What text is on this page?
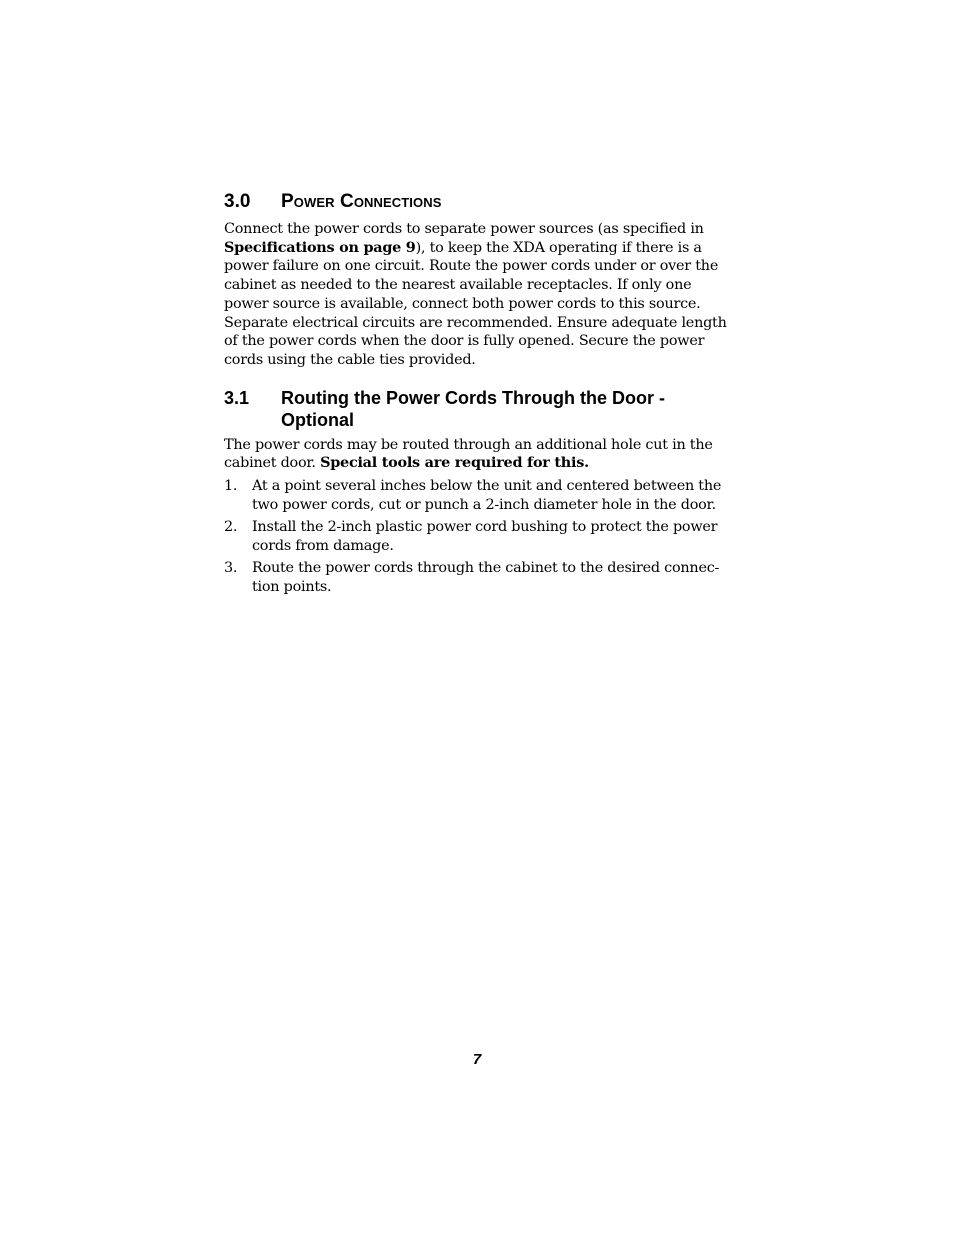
3.0	Power Connections

Connect the power cords to separate power sources (as specified in Specifications on page 9), to keep the XDA operating if there is a power failure on one circuit. Route the power cords under or over the cabinet as needed to the nearest available receptacles. If only one power source is available, connect both power cords to this source. Separate electrical circuits are recommended. Ensure adequate length of the power cords when the door is fully opened. Secure the power cords using the cable ties provided.

3.1	Routing the Power Cords Through the Door - Optional

The power cords may be routed through an additional hole cut in the cabinet door. Special tools are required for this.

1.	At a point several inches below the unit and centered between the two power cords, cut or punch a 2-inch diameter hole in the door.
2.	Install the 2-inch plastic power cord bushing to protect the power cords from damage.
3.	Route the power cords through the cabinet to the desired connec-tion points.
7
